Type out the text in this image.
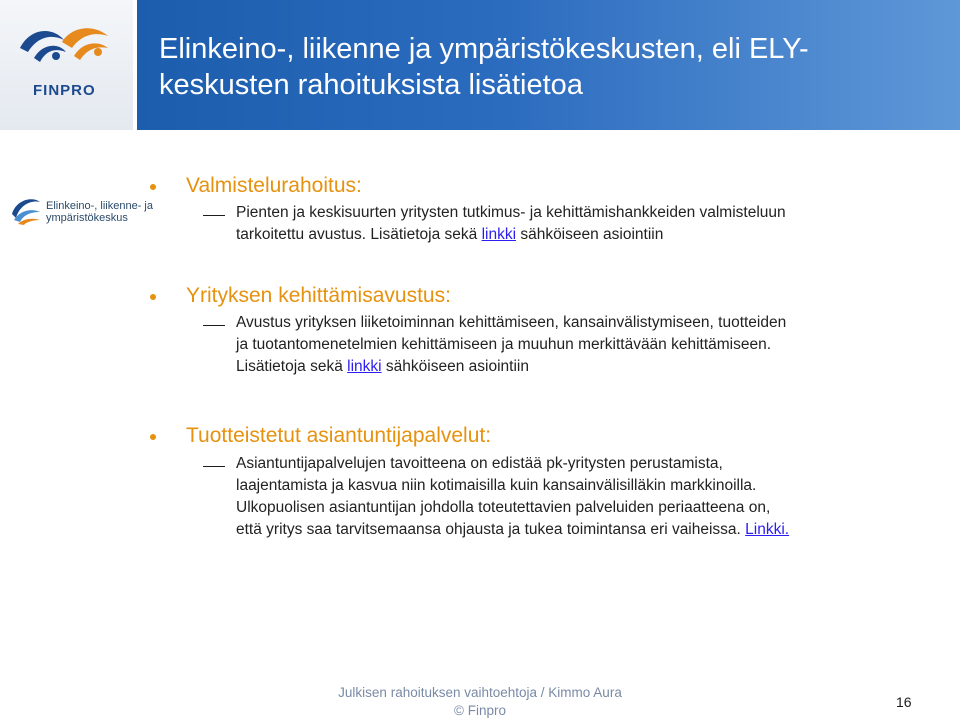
FINPRO
Elinkeino-, liikenne ja ympäristökeskusten, eli ELY-
keskusten rahoituksista lisätietoa
Elinkeino-, liikenne- ja
ympäristökeskus
Valmistelurahoitus:
Pienten ja keskisuurten yritysten tutkimus- ja kehittämishankkeiden valmisteluun
tarkoitettu avustus. Lisätietoja sekä linkki sähköiseen asiointiin
Yrityksen kehittämisavustus:
Avustus yrityksen liiketoiminnan kehittämiseen, kansainvälistymiseen, tuotteiden
ja tuotantomenetelmien kehittämiseen ja muuhun merkittävään kehittämiseen.
Lisätietoja sekä linkki sähköiseen asiointiin
Tuotteistetut asiantuntijapalvelut:
Asiantuntijapalvelujen tavoitteena on edistää pk-yritysten perustamista,
laajentamista ja kasvua niin kotimaisilla kuin kansainvälisilläkin markkinoilla.
Ulkopuolisen asiantuntijan johdolla toteutettavien palveluiden periaatteena on,
että yritys saa tarvitsemaansa ohjausta ja tukea toimintansa eri vaiheissa. Linkki.
Julkisen rahoituksen vaihtoehtoja / Kimmo Aura
© Finpro
16
